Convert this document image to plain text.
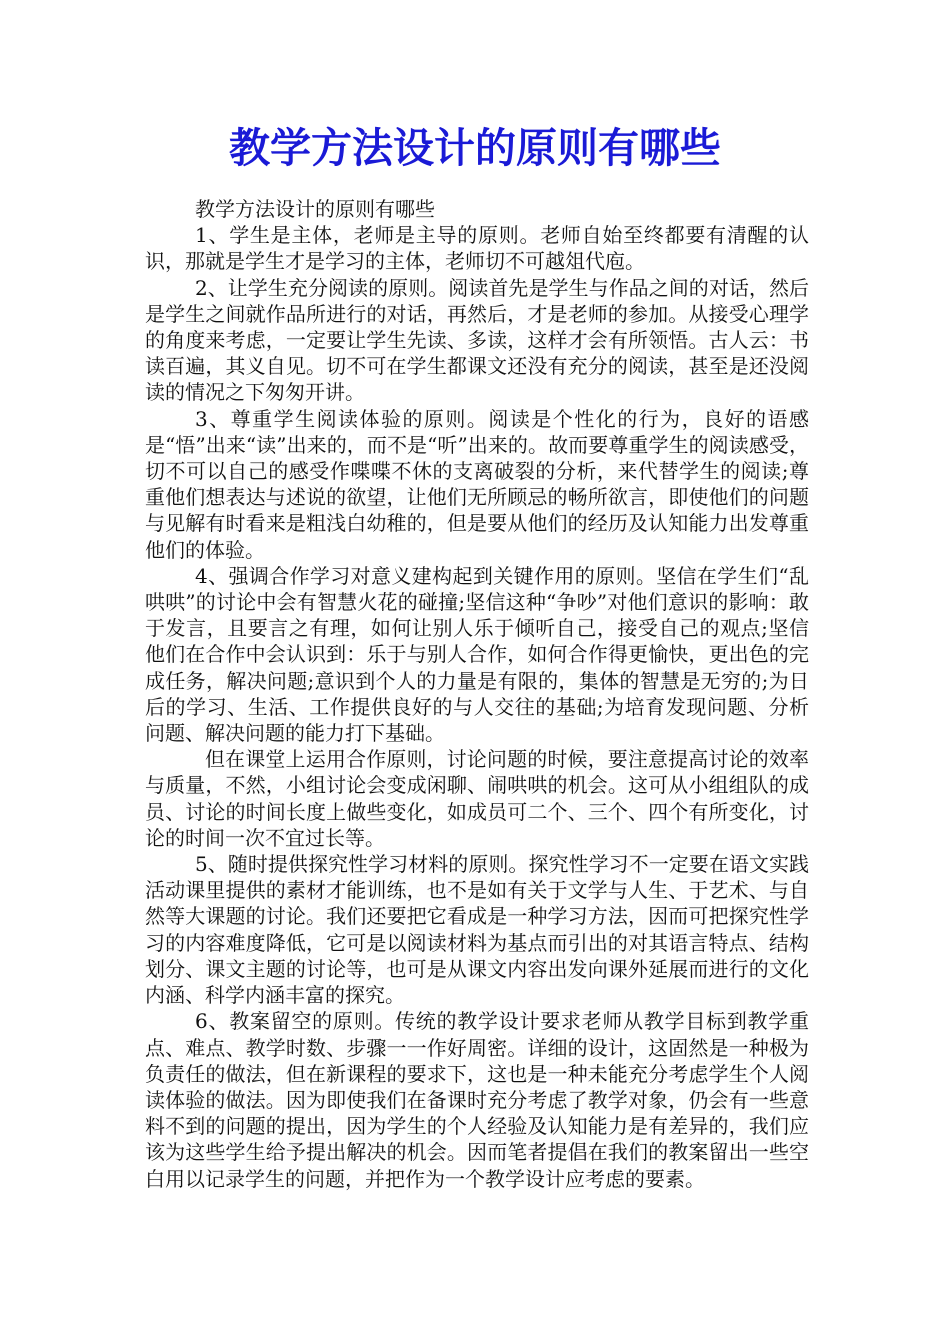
教学方法设计的原则有哪些

教学方法设计的原则有哪些

1、学生是主体，老师是主导的原则。老师自始至终都要有清醒的认识，那就是学生才是学习的主体，老师切不可越俎代庖。

2、让学生充分阅读的原则。阅读首先是学生与作品之间的对话，然后是学生之间就作品所进行的对话，再然后，才是老师的参加。从接受心理学的角度来考虑，一定要让学生先读、多读，这样才会有所领悟。古人云：书读百遍，其义自见。切不可在学生都课文还没有充分的阅读，甚至是还没阅读的情况之下匆匆开讲。

3、尊重学生阅读体验的原则。阅读是个性化的行为，良好的语感是“悟”出来“读”出来的，而不是“听”出来的。故而要尊重学生的阅读感受，切不可以自己的感受作喋喋不休的支离破裂的分析，来代替学生的阅读;尊重他们想表达与述说的欲望，让他们无所顾忌的畅所欲言，即使他们的问题与见解有时看来是粗浅白幼稚的，但是要从他们的经历及认知能力出发尊重他们的体验。

4、强调合作学习对意义建构起到关键作用的原则。坚信在学生们“乱哄哄”的讨论中会有智慧火花的碰撞;坚信这种“争吵”对他们意识的影响：敢于发言，且要言之有理，如何让别人乐于倾听自己，接受自己的观点;坚信他们在合作中会认识到：乐于与别人合作，如何合作得更愉快，更出色的完成任务，解决问题;意识到个人的力量是有限的，集体的智慧是无穷的;为日后的学习、生活、工作提供良好的与人交往的基础;为培育发现问题、分析问题、解决问题的能力打下基础。

但在课堂上运用合作原则，讨论问题的时候，要注意提高讨论的效率与质量，不然，小组讨论会变成闲聊、闹哄哄的机会。这可从小组组队的成员、讨论的时间长度上做些变化，如成员可二个、三个、四个有所变化，讨论的时间一次不宜过长等。

5、随时提供探究性学习材料的原则。探究性学习不一定要在语文实践活动课里提供的素材才能训练，也不是如有关于文学与人生、于艺术、与自然等大课题的讨论。我们还要把它看成是一种学习方法，因而可把探究性学习的内容难度降低，它可是以阅读材料为基点而引出的对其语言特点、结构划分、课文主题的讨论等，也可是从课文内容出发向课外延展而进行的文化内涵、科学内涵丰富的探究。

6、教案留空的原则。传统的教学设计要求老师从教学目标到教学重点、难点、教学时数、步骤一一作好周密。详细的设计，这固然是一种极为负责任的做法，但在新课程的要求下，这也是一种未能充分考虑学生个人阅读体验的做法。因为即使我们在备课时充分考虑了教学对象，仍会有一些意料不到的问题的提出，因为学生的个人经验及认知能力是有差异的，我们应该为这些学生给予提出解决的机会。因而笔者提倡在我们的教案留出一些空白用以记录学生的问题，并把作为一个教学设计应考虑的要素。
